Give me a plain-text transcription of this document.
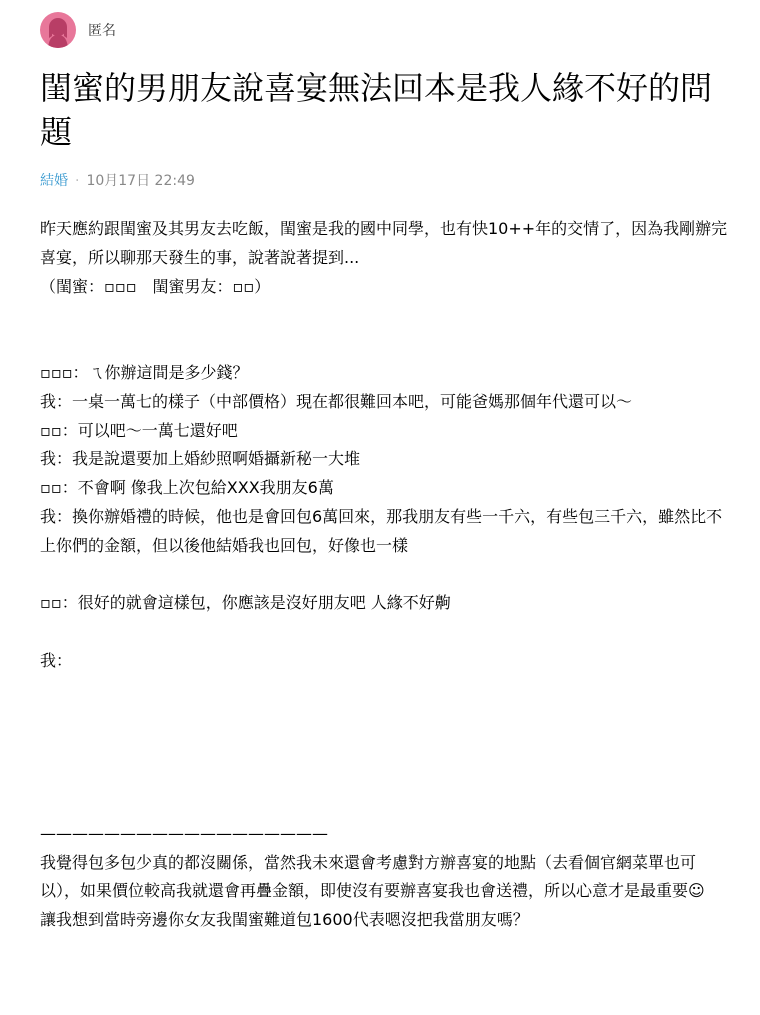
匿名
閨蜜的男朋友說喜宴無法回本是我人緣不好的問題
結婚 · 10月17日 22:49

昨天應約跟閨蜜及其男友去吃飯，閨蜜是我的國中同學，也有快10++年的交情了，因為我剛辦完喜宴，所以聊那天發生的事，說著說著提到...

（閨蜜：▫▫▫　閨蜜男友：▫▫）

▫▫▫：ㄟ你辦這間是多少錢？

我：一桌一萬七的樣子（中部價格）現在都很難回本吧，可能爸媽那個年代還可以～

▫▫：可以吧～一萬七還好吧

我：我是說還要加上婚紗照啊婚攝新秘一大堆

▫▫：不會啊 像我上次包給XXX我朋友6萬

我：換你辦婚禮的時候，他也是會回包6萬回來，那我朋友有些一千六，有些包三千六，雖然比不上你們的金額，但以後他結婚我也回包，好像也一樣

▫▫：很好的就會這樣包，你應該是沒好朋友吧 人緣不好齁

我：

——————————————————

我覺得包多包少真的都沒關係，當然我未來還會考慮對方辦喜宴的地點（去看個官網菜單也可以），如果價位較高我就還會再疊金額，即使沒有要辦喜宴我也會送禮，所以心意才是最重要☺

讓我想到當時旁邊你女友我閨蜜難道包1600代表嗯沒把我當朋友嗎？
